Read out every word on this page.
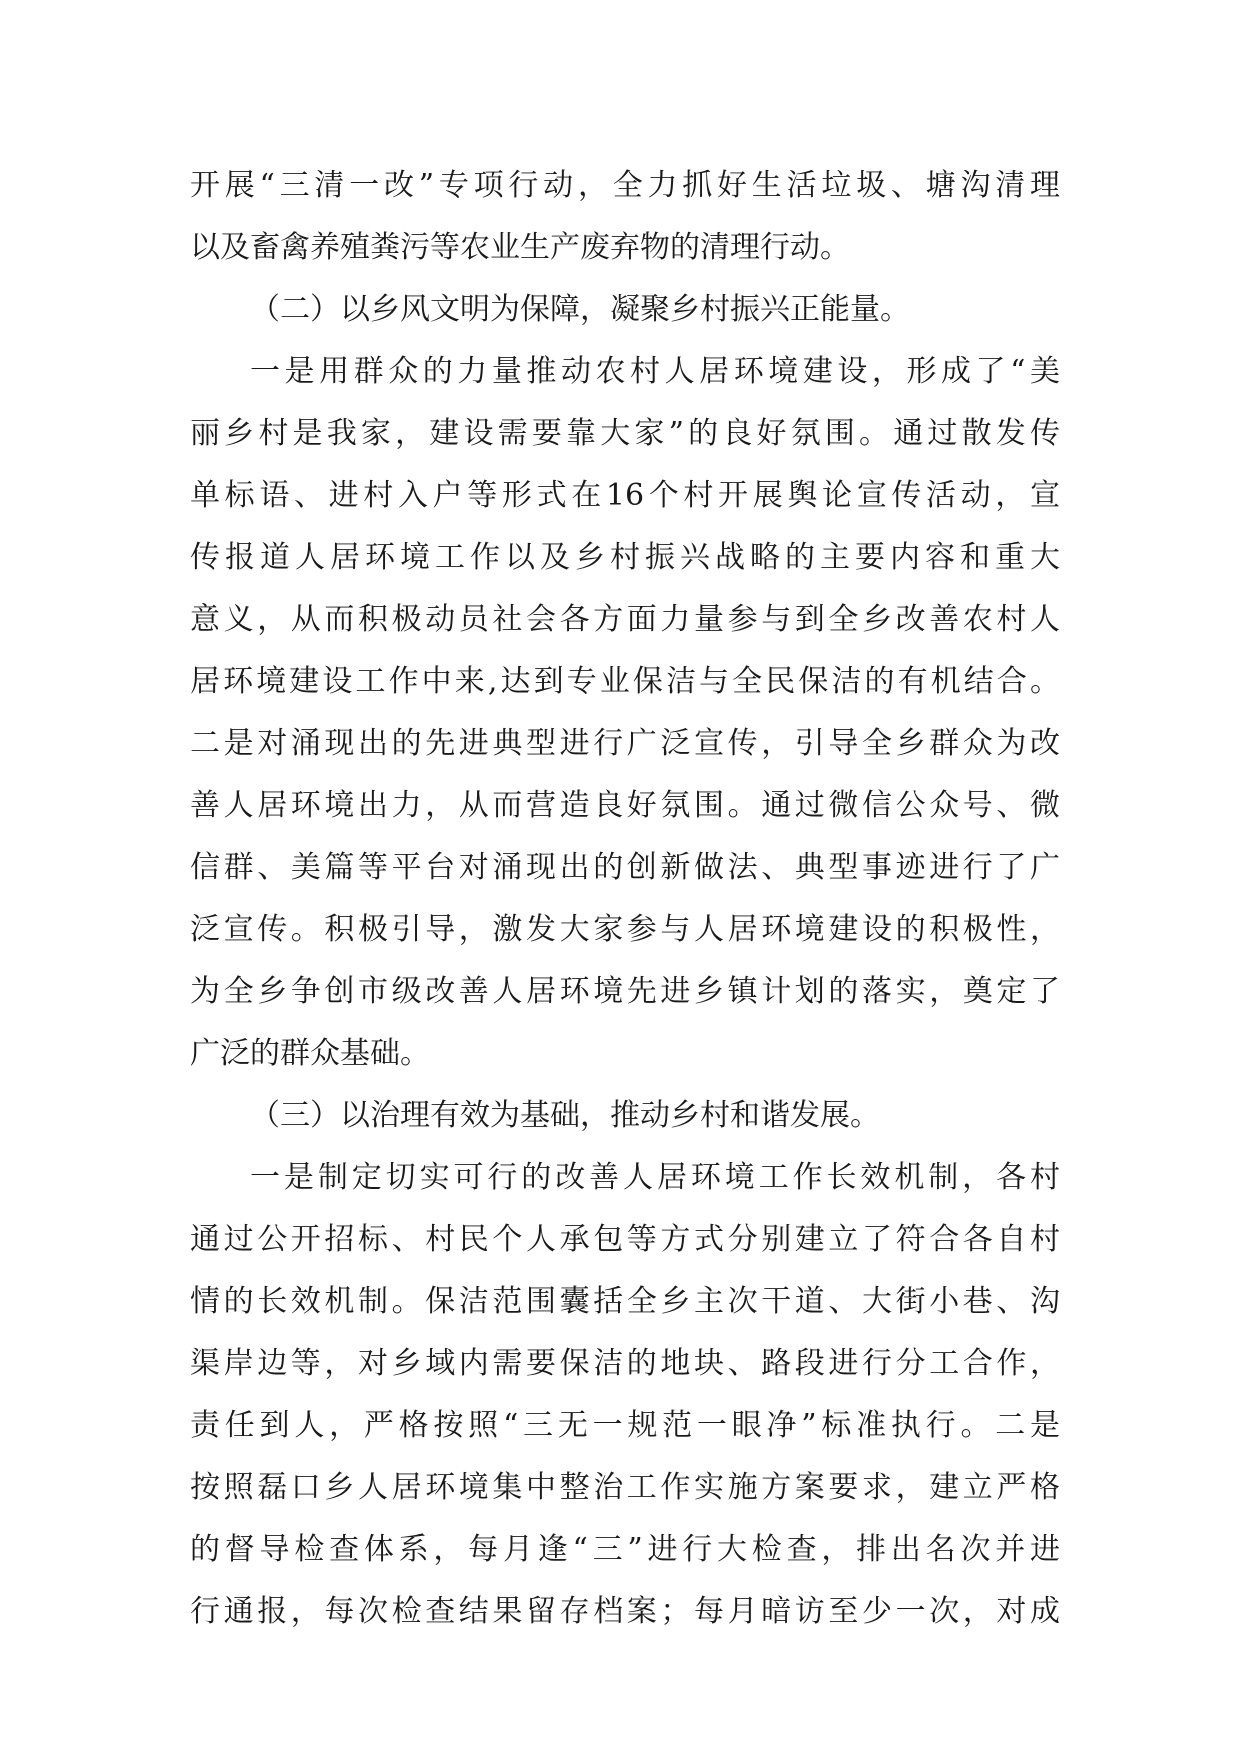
开展“三清一改”专项行动，全力抓好生活垃圾、塘沟清理
以及畜禽养殖粪污等农业生产废弃物的清理行动。
（二）以乡风文明为保障，凝聚乡村振兴正能量。
一是用群众的力量推动农村人居环境建设，形成了“美
丽乡村是我家，建设需要靠大家”的良好氛围。通过散发传
单标语、进村入户等形式在16个村开展舆论宣传活动，宣
传报道人居环境工作以及乡村振兴战略的主要内容和重大
意义，从而积极动员社会各方面力量参与到全乡改善农村人
居环境建设工作中来,达到专业保洁与全民保洁的有机结合。
二是对涌现出的先进典型进行广泛宣传，引导全乡群众为改
善人居环境出力，从而营造良好氛围。通过微信公众号、微
信群、美篇等平台对涌现出的创新做法、典型事迹进行了广
泛宣传。积极引导，激发大家参与人居环境建设的积极性，
为全乡争创市级改善人居环境先进乡镇计划的落实，奠定了
广泛的群众基础。
（三）以治理有效为基础，推动乡村和谐发展。
一是制定切实可行的改善人居环境工作长效机制，各村
通过公开招标、村民个人承包等方式分别建立了符合各自村
情的长效机制。保洁范围囊括全乡主次干道、大街小巷、沟
渠岸边等，对乡域内需要保洁的地块、路段进行分工合作，
责任到人，严格按照“三无一规范一眼净”标准执行。二是
按照磊口乡人居环境集中整治工作实施方案要求，建立严格
的督导检查体系，每月逢“三”进行大检查，排出名次并进
行通报，每次检查结果留存档案；每月暗访至少一次，对成
